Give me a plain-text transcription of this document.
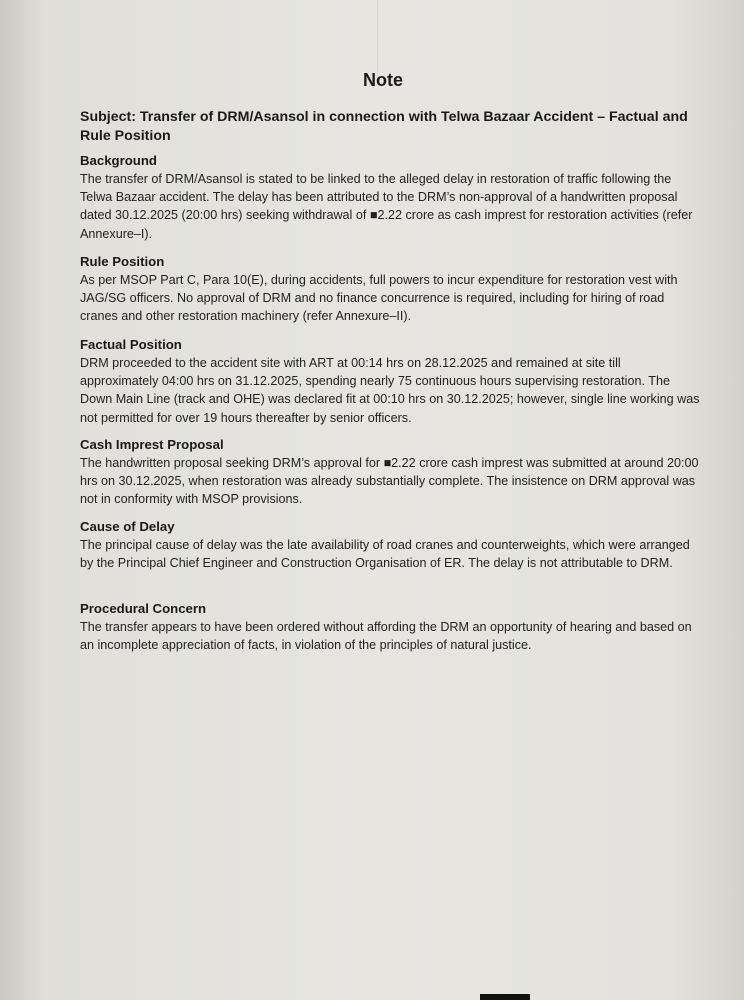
Note
Subject: Transfer of DRM/Asansol in connection with Telwa Bazaar Accident – Factual and Rule Position
Background

The transfer of DRM/Asansol is stated to be linked to the alleged delay in restoration of traffic following the Telwa Bazaar accident. The delay has been attributed to the DRM’s non-approval of a handwritten proposal dated 30.12.2025 (20:00 hrs) seeking withdrawal of ■2.22 crore as cash imprest for restoration activities (refer Annexure–I).

Rule Position

As per MSOP Part C, Para 10(E), during accidents, full powers to incur expenditure for restoration vest with JAG/SG officers. No approval of DRM and no finance concurrence is required, including for hiring of road cranes and other restoration machinery (refer Annexure–II).

Factual Position

DRM proceeded to the accident site with ART at 00:14 hrs on 28.12.2025 and remained at site till approximately 04:00 hrs on 31.12.2025, spending nearly 75 continuous hours supervising restoration. The Down Main Line (track and OHE) was declared fit at 00:10 hrs on 30.12.2025; however, single line working was not permitted for over 19 hours thereafter by senior officers.

Cash Imprest Proposal

The handwritten proposal seeking DRM’s approval for ■2.22 crore cash imprest was submitted at around 20:00 hrs on 30.12.2025, when restoration was already substantially complete. The insistence on DRM approval was not in conformity with MSOP provisions.

Cause of Delay

The principal cause of delay was the late availability of road cranes and counterweights, which were arranged by the Principal Chief Engineer and Construction Organisation of ER. The delay is not attributable to DRM.

Procedural Concern

The transfer appears to have been ordered without affording the DRM an opportunity of hearing and based on an incomplete appreciation of facts, in violation of the principles of natural justice.
